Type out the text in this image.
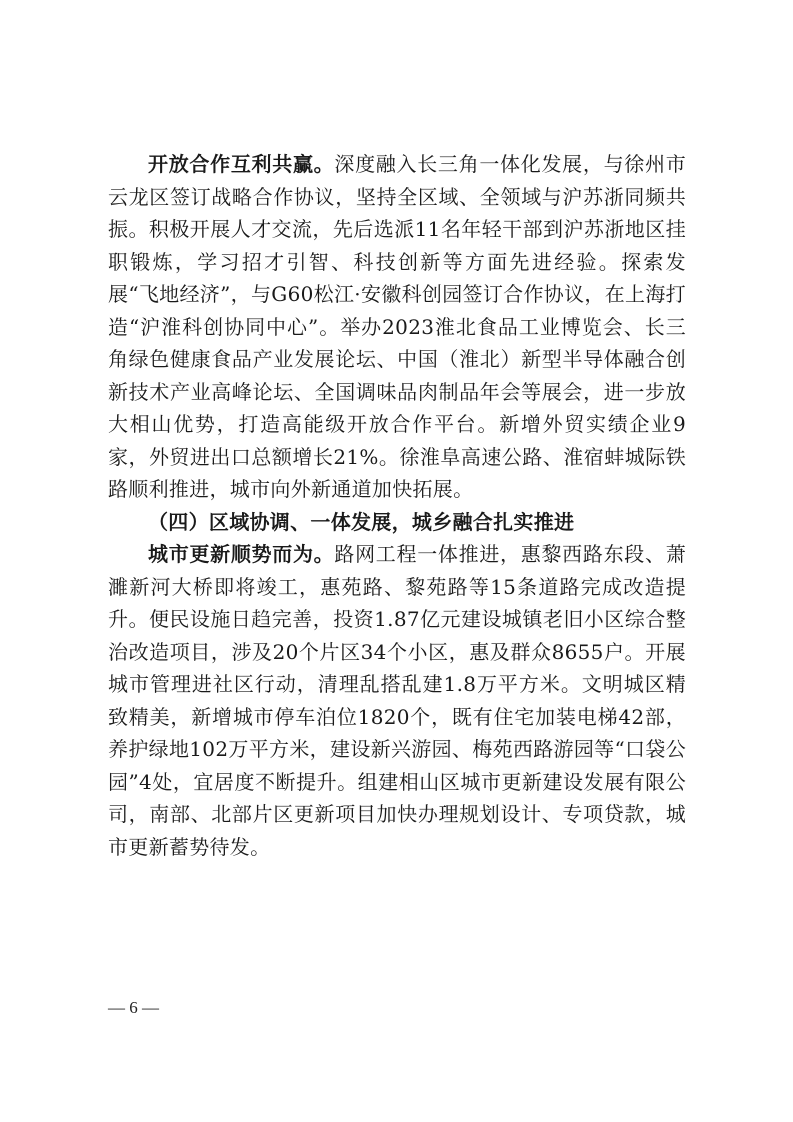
开放合作互利共赢。深度融入长三角一体化发展，与徐州市云龙区签订战略合作协议，坚持全区域、全领域与沪苏浙同频共振。积极开展人才交流，先后选派11名年轻干部到沪苏浙地区挂职锻炼，学习招才引智、科技创新等方面先进经验。探索发展“飞地经济”，与G60松江·安徽科创园签订合作协议，在上海打造“沪淮科创协同中心”。举办2023淮北食品工业博览会、长三角绿色健康食品产业发展论坛、中国（淮北）新型半导体融合创新技术产业高峰论坛、全国调味品肉制品年会等展会，进一步放大相山优势，打造高能级开放合作平台。新增外贸实绩企业9家，外贸进出口总额增长21%。徐淮阜高速公路、淮宿蚌城际铁路顺利推进，城市向外新通道加快拓展。

（四）区域协调、一体发展，城乡融合扎实推进

城市更新顺势而为。路网工程一体推进，惠黎西路东段、萧濉新河大桥即将竣工，惠苑路、黎苑路等15条道路完成改造提升。便民设施日趋完善，投资1.87亿元建设城镇老旧小区综合整治改造项目，涉及20个片区34个小区，惠及群众8655户。开展城市管理进社区行动，清理乱搭乱建1.8万平方米。文明城区精致精美，新增城市停车泊位1820个，既有住宅加装电梯42部，养护绿地102万平方米，建设新兴游园、梅苑西路游园等“口袋公园”4处，宜居度不断提升。组建相山区城市更新建设发展有限公司，南部、北部片区更新项目加快办理规划设计、专项贷款，城市更新蓄势待发。

— 6 —
